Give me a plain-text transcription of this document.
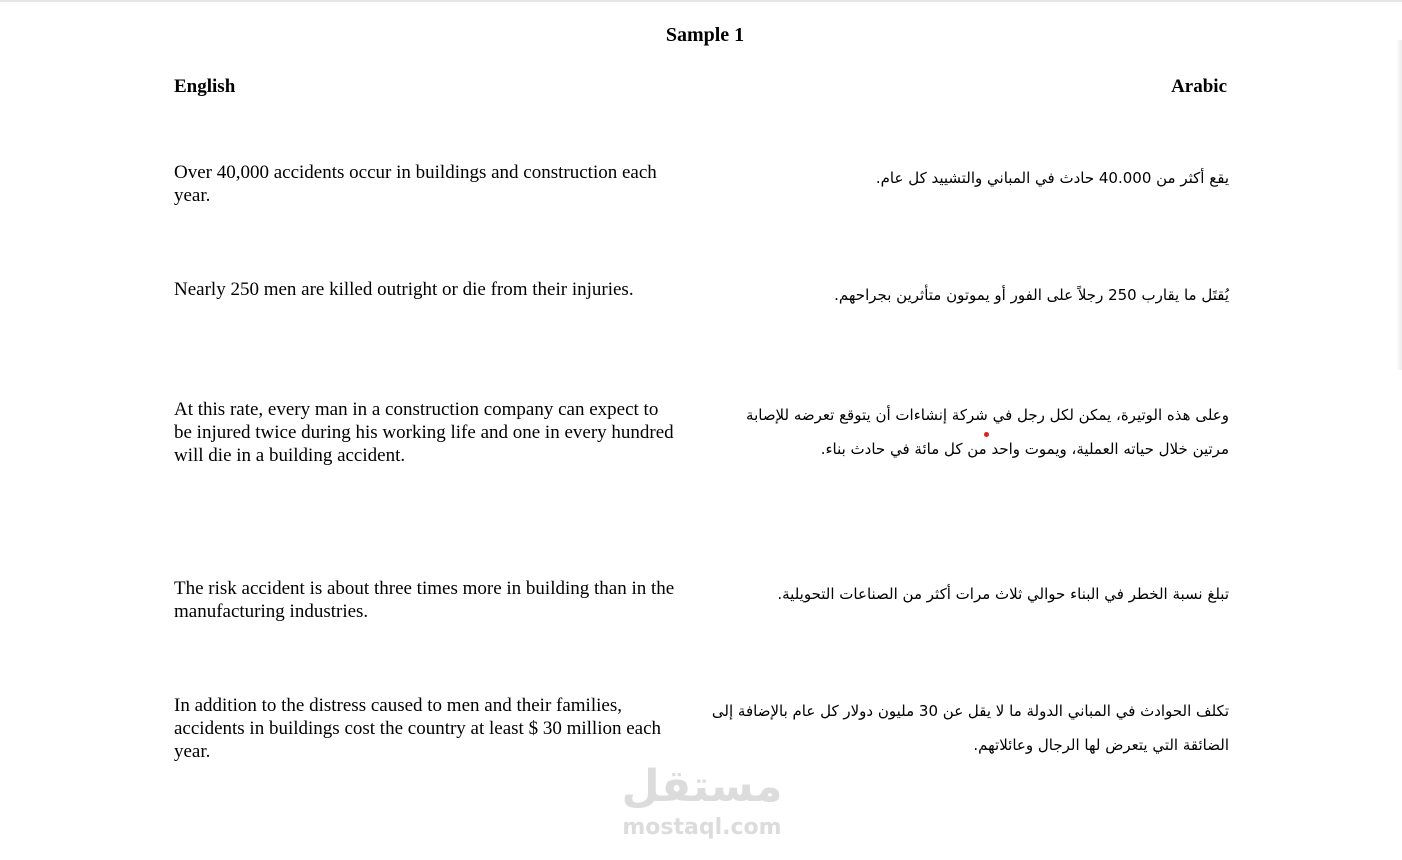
Sample 1
English	Arabic
Over 40,000 accidents occur in buildings and construction each year.
يقع أكثر من 40.000 حادث في المباني والتشييد كل عام.
Nearly 250 men are killed outright or die from their injuries.	يُقتَل ما يقارب 250 رجلاً على الفور أو يموتون متأثرين بجراحهم.
At this rate, every man in a construction company can expect to be injured twice during his working life and one in every hundred will die in a building accident.
وعلى هذه الوتيرة، يمكن لكل رجل في شركة إنشاءات أن يتوقع تعرضه للإصابة مرتين خلال حياته العملية، ويموت واحد من كل مائة في حادث بناء.
The risk accident is about three times more in building than in the manufacturing industries.
تبلغ نسبة الخطر في البناء حوالي ثلاث مرات أكثر من الصناعات التحويلية.
In addition to the distress caused to men and their families, accidents in buildings cost the country at least $ 30 million each year.
تكلف الحوادث في المباني الدولة ما لا يقل عن 30 مليون دولار كل عام بالإضافة إلى الضائقة التي يتعرض لها الرجال وعائلاتهم.
مستقل
mostaql.com
